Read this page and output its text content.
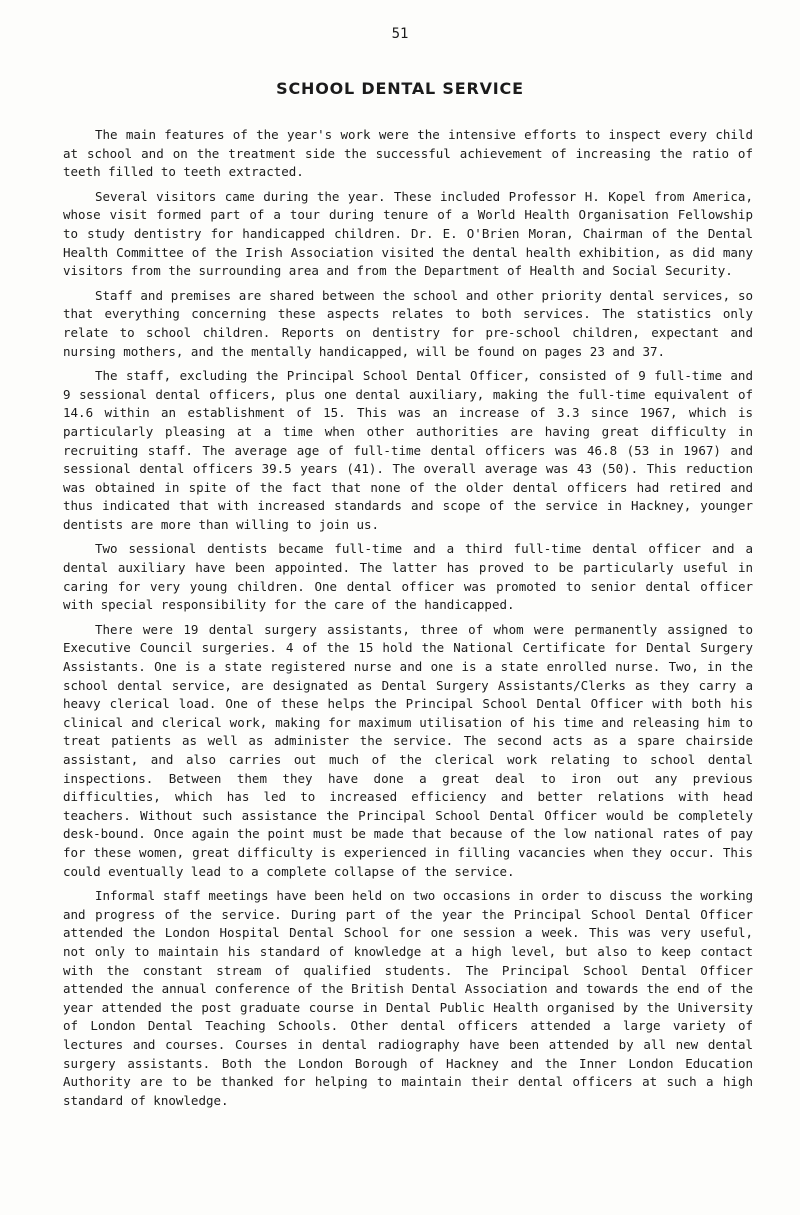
51
SCHOOL DENTAL SERVICE

The main features of the year's work were the intensive efforts to inspect every child at school and on the treatment side the successful achievement of increasing the ratio of teeth filled to teeth extracted.

Several visitors came during the year. These included Professor H. Kopel from America, whose visit formed part of a tour during tenure of a World Health Organisation Fellowship to study dentistry for handicapped children. Dr. E. O'Brien Moran, Chairman of the Dental Health Committee of the Irish Association visited the dental health exhibition, as did many visitors from the surrounding area and from the Department of Health and Social Security.

Staff and premises are shared between the school and other priority dental services, so that everything concerning these aspects relates to both services. The statistics only relate to school children. Reports on dentistry for pre-school children, expectant and nursing mothers, and the mentally handicapped, will be found on pages 23 and 37.

The staff, excluding the Principal School Dental Officer, consisted of 9 full-time and 9 sessional dental officers, plus one dental auxiliary, making the full-time equivalent of 14.6 within an establishment of 15. This was an increase of 3.3 since 1967, which is particularly pleasing at a time when other authorities are having great difficulty in recruiting staff. The average age of full-time dental officers was 46.8 (53 in 1967) and sessional dental officers 39.5 years (41). The overall average was 43 (50). This reduction was obtained in spite of the fact that none of the older dental officers had retired and thus indicated that with increased standards and scope of the service in Hackney, younger dentists are more than willing to join us.

Two sessional dentists became full-time and a third full-time dental officer and a dental auxiliary have been appointed. The latter has proved to be particularly useful in caring for very young children. One dental officer was promoted to senior dental officer with special responsibility for the care of the handicapped.

There were 19 dental surgery assistants, three of whom were permanently assigned to Executive Council surgeries. 4 of the 15 hold the National Certificate for Dental Surgery Assistants. One is a state registered nurse and one is a state enrolled nurse. Two, in the school dental service, are designated as Dental Surgery Assistants/Clerks as they carry a heavy clerical load. One of these helps the Principal School Dental Officer with both his clinical and clerical work, making for maximum utilisation of his time and releasing him to treat patients as well as administer the service. The second acts as a spare chairside assistant, and also carries out much of the clerical work relating to school dental inspections. Between them they have done a great deal to iron out any previous difficulties, which has led to increased efficiency and better relations with head teachers. Without such assistance the Principal School Dental Officer would be completely desk-bound. Once again the point must be made that because of the low national rates of pay for these women, great difficulty is experienced in filling vacancies when they occur. This could eventually lead to a complete collapse of the service.

Informal staff meetings have been held on two occasions in order to discuss the working and progress of the service. During part of the year the Principal School Dental Officer attended the London Hospital Dental School for one session a week. This was very useful, not only to maintain his standard of knowledge at a high level, but also to keep contact with the constant stream of qualified students. The Principal School Dental Officer attended the annual conference of the British Dental Association and towards the end of the year attended the post graduate course in Dental Public Health organised by the University of London Dental Teaching Schools. Other dental officers attended a large variety of lectures and courses. Courses in dental radiography have been attended by all new dental surgery assistants. Both the London Borough of Hackney and the Inner London Education Authority are to be thanked for helping to maintain their dental officers at such a high standard of knowledge.
